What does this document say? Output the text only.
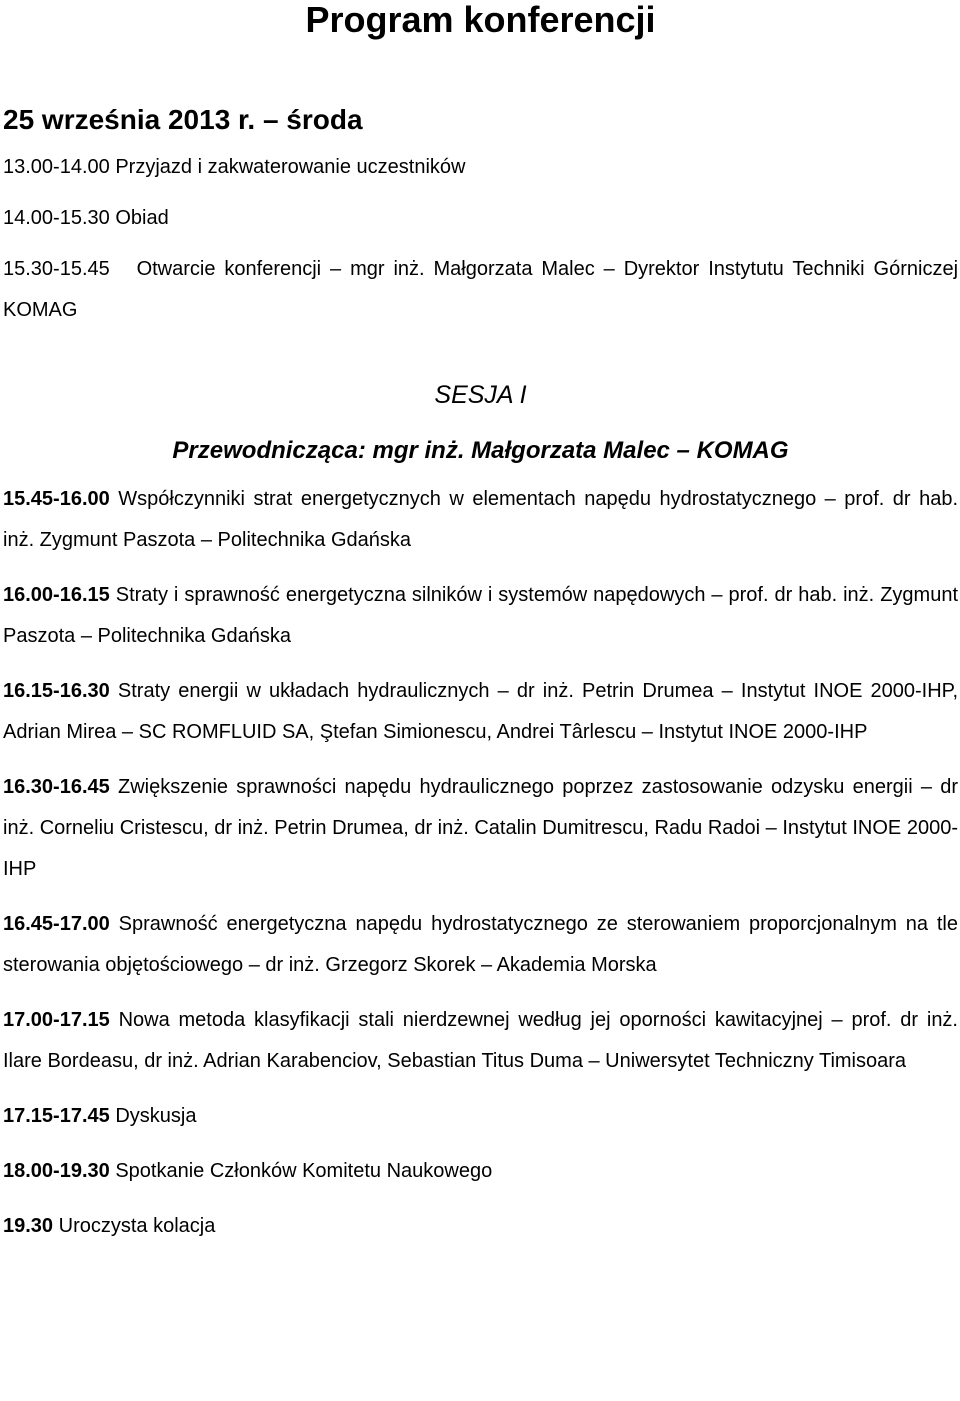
Program konferencji
25 września 2013 r. – środa

13.00-14.00 Przyjazd i zakwaterowanie uczestników

14.00-15.30 Obiad

15.30-15.45 Otwarcie konferencji – mgr inż. Małgorzata Malec – Dyrektor Instytutu Techniki Górniczej KOMAG

SESJA I

Przewodnicząca: mgr inż. Małgorzata Malec – KOMAG

15.45-16.00 Współczynniki strat energetycznych w elementach napędu hydrostatycznego – prof. dr hab. inż. Zygmunt Paszota – Politechnika Gdańska

16.00-16.15 Straty i sprawność energetyczna silników i systemów napędowych – prof. dr hab. inż. Zygmunt Paszota – Politechnika Gdańska

16.15-16.30 Straty energii w układach hydraulicznych – dr inż. Petrin Drumea – Instytut INOE 2000-IHP, Adrian Mirea – SC ROMFLUID SA, Ştefan Simionescu, Andrei Târlescu – Instytut INOE 2000-IHP

16.30-16.45 Zwiększenie sprawności napędu hydraulicznego poprzez zastosowanie odzysku energii – dr inż. Corneliu Cristescu, dr inż. Petrin Drumea, dr inż. Catalin Dumitrescu, Radu Radoi – Instytut INOE 2000-IHP

16.45-17.00 Sprawność energetyczna napędu hydrostatycznego ze sterowaniem proporcjonalnym na tle sterowania objętościowego – dr inż. Grzegorz Skorek – Akademia Morska

17.00-17.15 Nowa metoda klasyfikacji stali nierdzewnej według jej oporności kawitacyjnej – prof. dr inż. Ilare Bordeasu, dr inż. Adrian Karabenciov, Sebastian Titus Duma – Uniwersytet Techniczny Timisoara

17.15-17.45 Dyskusja

18.00-19.30 Spotkanie Członków Komitetu Naukowego

19.30 Uroczysta kolacja
